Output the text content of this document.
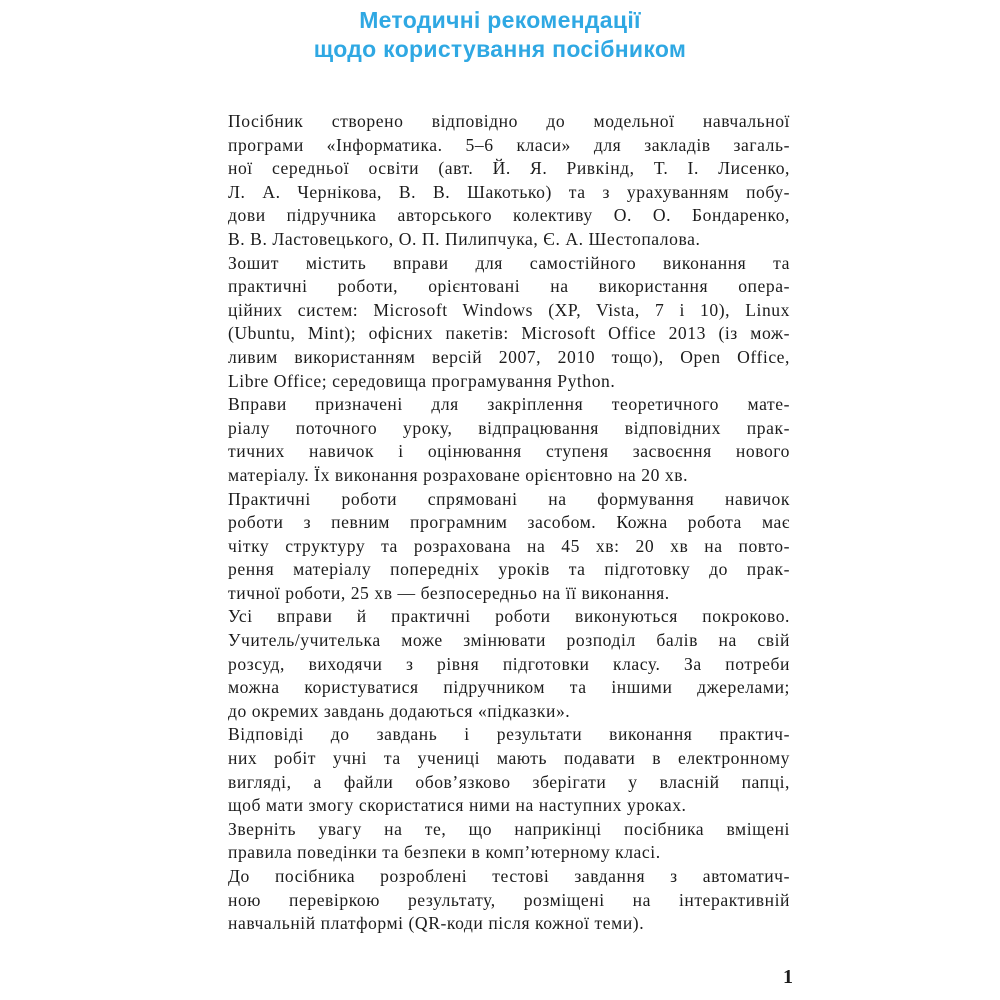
Методичні рекомендації
щодо користування посібником
Посібник створено відповідно до модельної навчальної
програми «Інформатика. 5–6 класи» для закладів загаль-
ної середньої освіти (авт. Й. Я. Ривкінд, Т. І. Лисенко,
Л. А. Чернікова, В. В. Шакотько) та з урахуванням побу-
дови підручника авторського колективу О. О. Бондаренко,
В. В. Ластовецького, О. П. Пилипчука, Є. А. Шестопалова.
Зошит містить вправи для самостійного виконання та
практичні роботи, орієнтовані на використання опера-
ційних систем: Microsoft Windows (XP, Vista, 7 і 10), Linux
(Ubuntu, Mint); офісних пакетів: Microsoft Office 2013 (із мож-
ливим використанням версій 2007, 2010 тощо), Open Office,
Libre Office; середовища програмування Python.
Вправи призначені для закріплення теоретичного мате-
ріалу поточного уроку, відпрацювання відповідних прак-
тичних навичок і оцінювання ступеня засвоєння нового
матеріалу. Їх виконання розраховане орієнтовно на 20 хв.
Практичні роботи спрямовані на формування навичок
роботи з певним програмним засобом. Кожна робота має
чітку структуру та розрахована на 45 хв: 20 хв на повто-
рення матеріалу попередніх уроків та підготовку до прак-
тичної роботи, 25 хв — безпосередньо на її виконання.
Усі вправи й практичні роботи виконуються покроково.
Учитель/учителька може змінювати розподіл балів на свій
розсуд, виходячи з рівня підготовки класу. За потреби
можна користуватися підручником та іншими джерелами;
до окремих завдань додаються «підказки».
Відповіді до завдань і результати виконання практич-
них робіт учні та учениці мають подавати в електронному
вигляді, а файли обов’язково зберігати у власній папці,
щоб мати змогу скористатися ними на наступних уроках.
Зверніть увагу на те, що наприкінці посібника вміщені
правила поведінки та безпеки в комп’ютерному класі.
До посібника розроблені тестові завдання з автоматич-
ною перевіркою результату, розміщені на інтерактивній
навчальній платформі (QR-коди після кожної теми).
1
